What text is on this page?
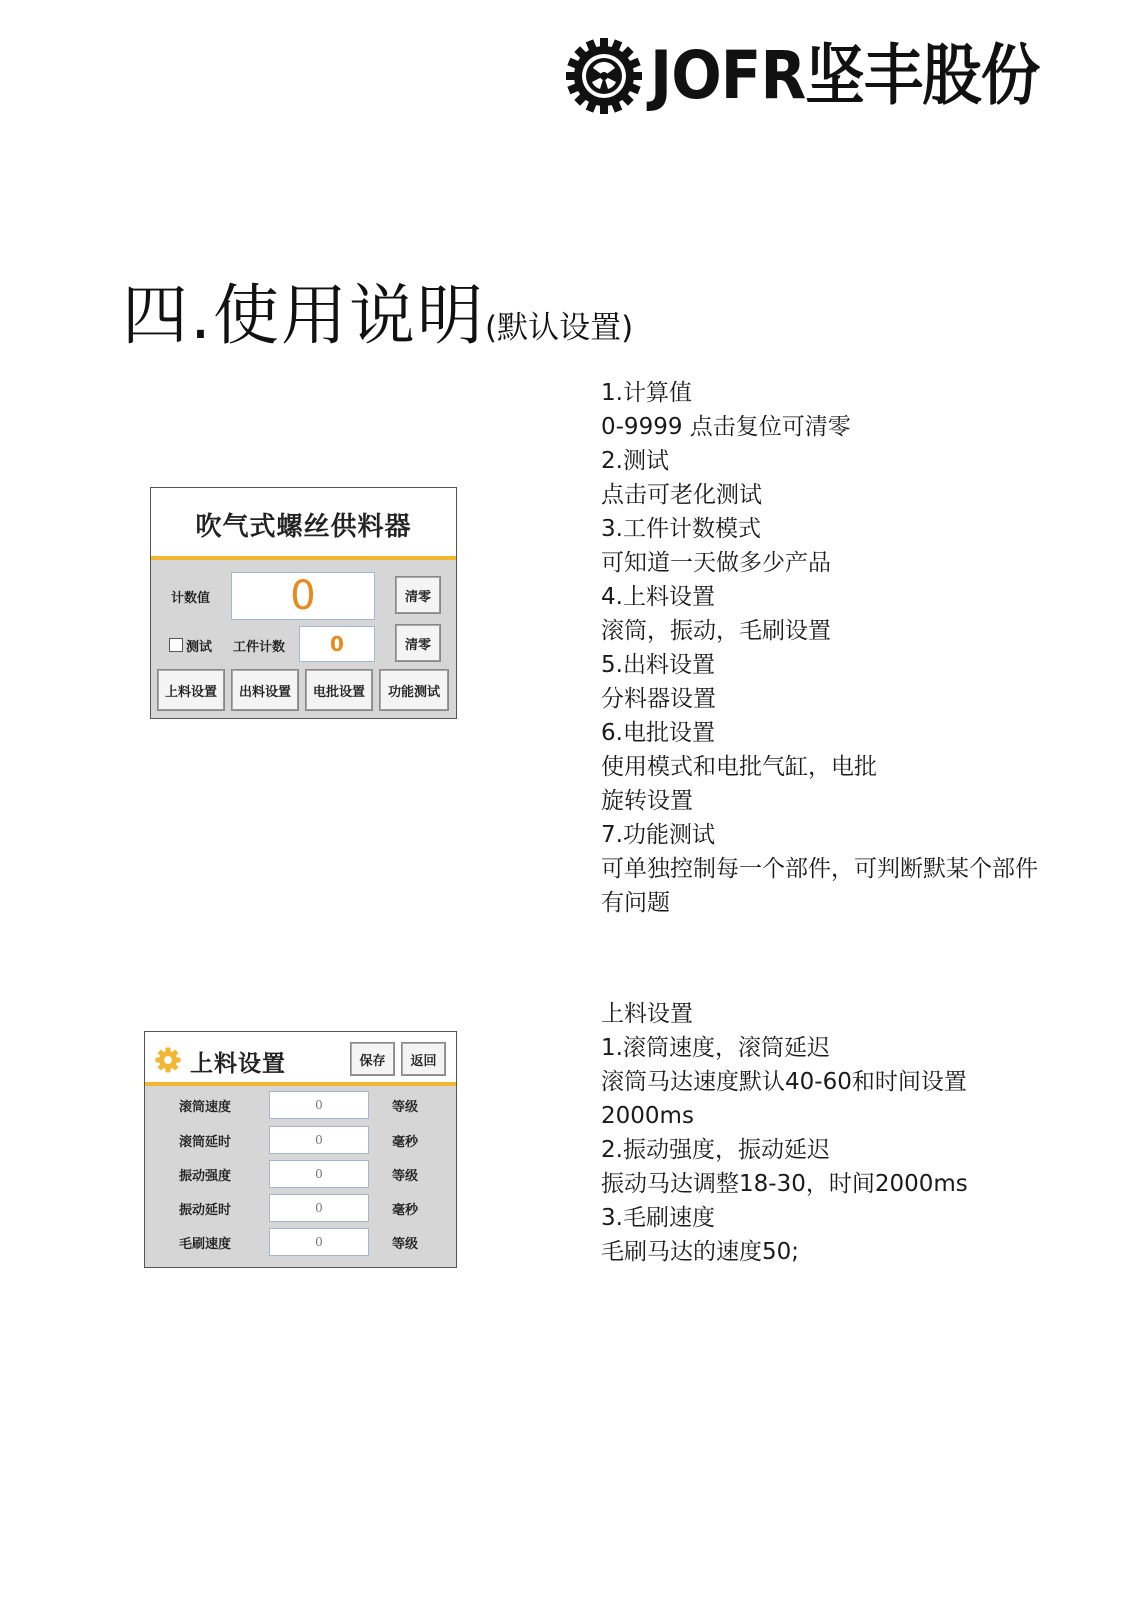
JOFR坚丰股份
四.使用说明(默认设置)
吹气式螺丝供料器
计数值	0	清零
测试 工件计数	0	清零
上料设置	出料设置	电批设置	功能测试
1.计算值
0-9999 点击复位可清零
2.测试
点击可老化测试
3.工件计数模式
可知道一天做多少产品
4.上料设置
滚筒，振动，毛刷设置
5.出料设置
分料器设置
6.电批设置
使用模式和电批气缸，电批
旋转设置
7.功能测试
可单独控制每一个部件，可判断默某个部件
有问题
上料设置	保存	返回
滚筒速度	0	等级
滚筒延时	0	毫秒
振动强度	0	等级
振动延时	0	毫秒
毛刷速度	0	等级
上料设置
1.滚筒速度，滚筒延迟
滚筒马达速度默认40-60和时间设置
2000ms
2.振动强度，振动延迟
振动马达调整18-30，时间2000ms
3.毛刷速度
毛刷马达的速度50;
